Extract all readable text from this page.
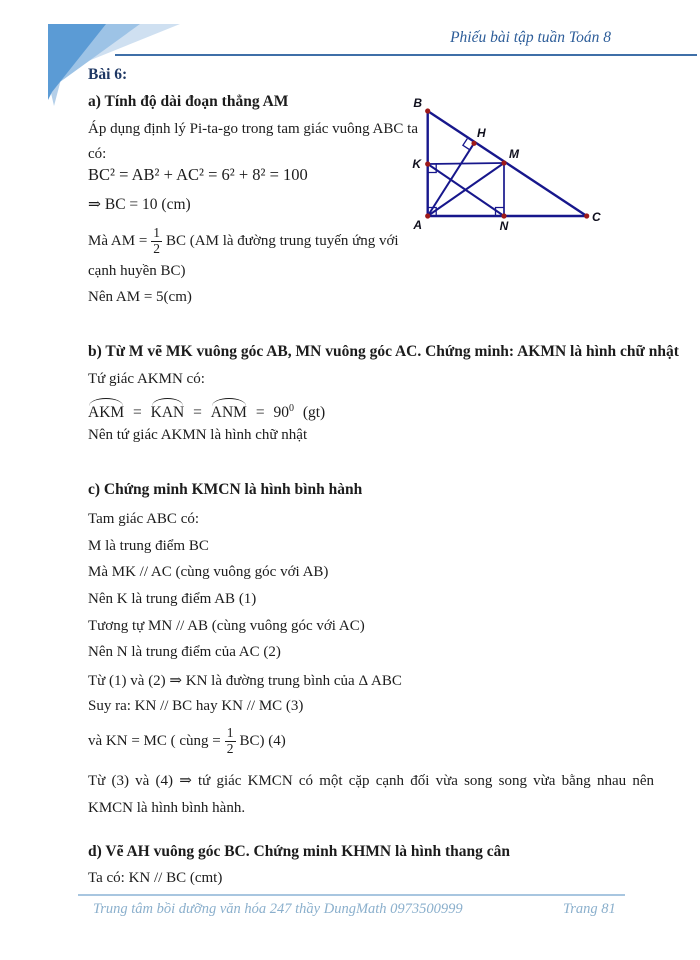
Phiếu bài tập tuần Toán 8

Bài 6:

a) Tính độ dài đoạn thẳng AM

Áp dụng định lý Pi-ta-go trong tam giác vuông ABC ta

có:

BC² = AB² + AC² = 6² + 8² = 100

⇒ BC = 10 (cm)

Mà AM = $\frac{1}{2}$ BC (AM là đường trung tuyến ứng với

cạnh huyền BC)

Nên AM = 5(cm)

B
K
A	N
C
M
H

b) Từ M vẽ MK vuông góc AB, MN vuông góc AC. Chứng minh: AKMN là hình chữ nhật

Tứ giác AKMN có:

AKM = KAN = ANM = $90^0$ (gt)

Nên tứ giác AKMN là hình chữ nhật

c) Chứng minh KMCN là hình bình hành

Tam giác ABC có:

M là trung điểm BC

Mà MK // AC (cùng vuông góc với AB)

Nên K là trung điểm AB (1)

Tương tự MN // AB (cùng vuông góc với AC)

Nên N là trung điểm của AC (2)

Từ (1) và (2) ⇒ KN là đường trung bình của Δ ABC

Suy ra: KN // BC hay KN // MC (3)

và KN = MC ( cùng = $\frac{1}{2} BC$) (4)

Từ (3) và (4) ⇒ tứ giác KMCN có một cặp cạnh đối vừa song song vừa bằng nhau nên

KMCN là hình bình hành.

d) Vẽ AH vuông góc BC. Chứng minh KHMN là hình thang cân

Ta có: KN // BC (cmt)

Trung tâm bồi dưỡng văn hóa 247 thầy DungMath 0973500999	Trang 81
